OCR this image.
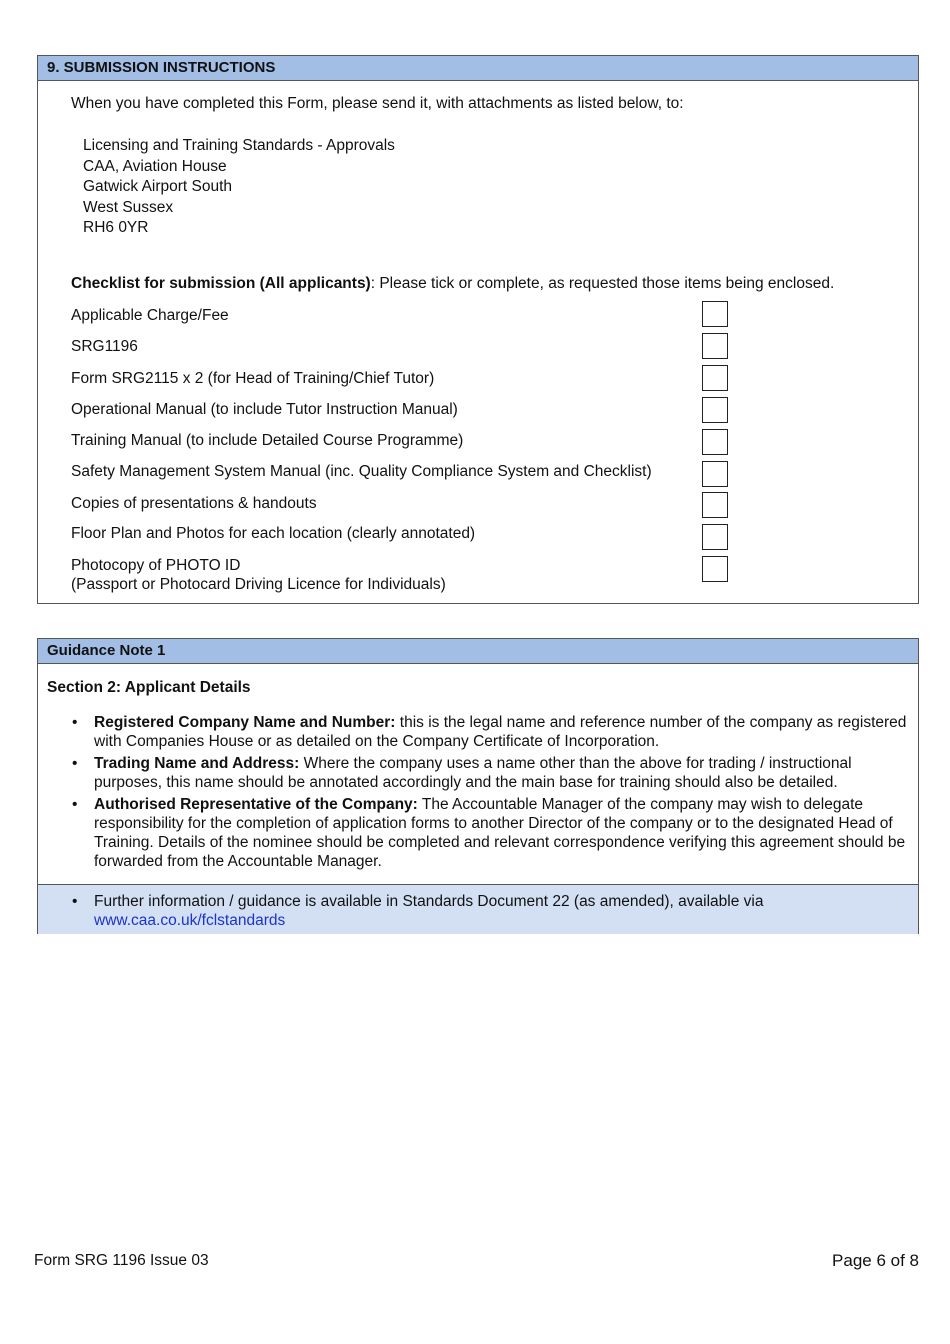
9. SUBMISSION INSTRUCTIONS
When you have completed this Form, please send it, with attachments as listed below, to:
Licensing and Training Standards - Approvals
CAA, Aviation House
Gatwick Airport South
West Sussex
RH6 0YR
Checklist for submission (All applicants): Please tick or complete, as requested those items being enclosed.
Applicable Charge/Fee
SRG1196
Form SRG2115 x 2 (for Head of Training/Chief Tutor)
Operational Manual (to include Tutor Instruction Manual)
Training Manual (to include Detailed Course Programme)
Safety Management System Manual (inc. Quality Compliance System and Checklist)
Copies of presentations & handouts
Floor Plan and Photos for each location (clearly annotated)
Photocopy of PHOTO ID
(Passport or Photocard Driving Licence for Individuals)
Guidance Note 1
Section 2: Applicant Details
• Registered Company Name and Number: this is the legal name and reference number of the company as registered with Companies House or as detailed on the Company Certificate of Incorporation.
• Trading Name and Address: Where the company uses a name other than the above for trading / instructional purposes, this name should be annotated accordingly and the main base for training should also be detailed.
• Authorised Representative of the Company: The Accountable Manager of the company may wish to delegate responsibility for the completion of application forms to another Director of the company or to the designated Head of Training. Details of the nominee should be completed and relevant correspondence verifying this agreement should be forwarded from the Accountable Manager.
• Further information / guidance is available in Standards Document 22 (as amended), available via
www.caa.co.uk/fclstandards
Form SRG 1196 Issue 03	Page 6 of 8
